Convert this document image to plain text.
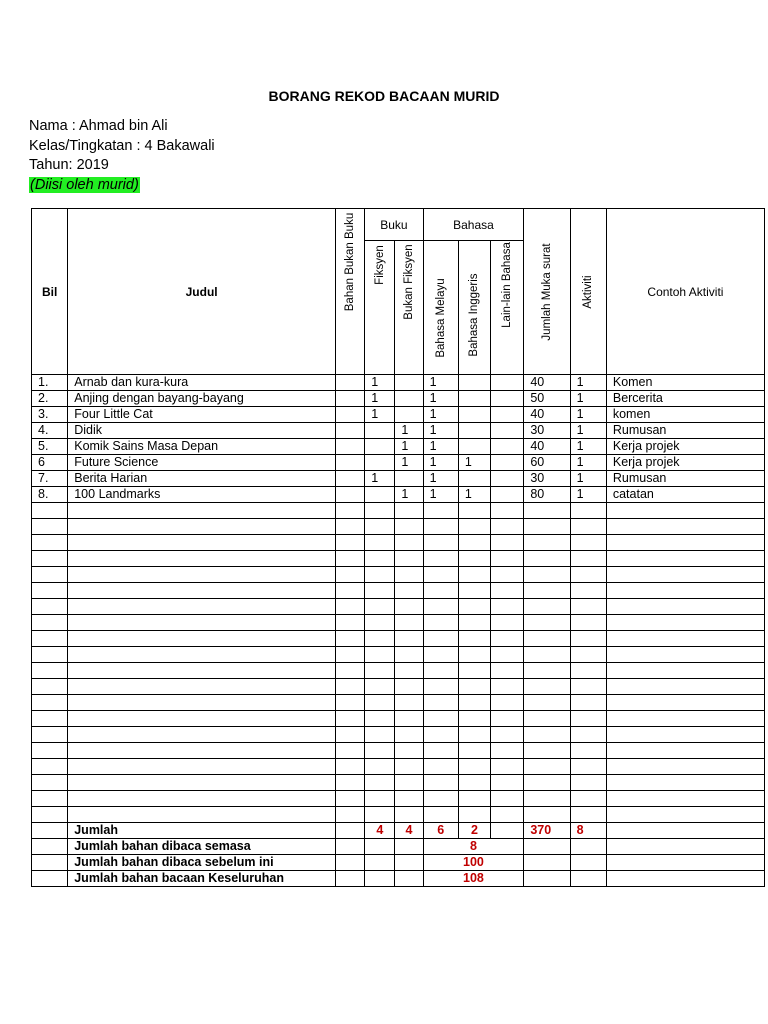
BORANG REKOD BACAAN MURID
Nama : Ahmad bin Ali
Kelas/Tingkatan : 4 Bakawali
Tahun: 2019
(Diisi oleh murid)
Bil	Judul	Bahan Bukan Buku	Buku		Bahasa			Jumlah Muka surat	Aktiviti	Contoh Aktiviti

			Fiksyen	Bukan Fiksyen	Bahasa Melayu	Bahasa Inggeris	Lain-lain Bahasa			

1.	Arnab dan kura-kura		1		1			40	1	Komen
2.	Anjing dengan bayang-bayang		1		1			50	1	Bercerita
3.	Four Little Cat		1		1			40	1	komen
4.	Didik			1	1			30	1	Rumusan
5.	Komik Sains Masa Depan			1	1			40	1	Kerja projek
6	Future Science			1	1	1		60	1	Kerja projek
7.	Berita Harian		1		1			30	1	Rumusan
8.	100 Landmarks			1	1	1		80	1	catatan

	Jumlah		4	4	6	2		370	8	
	Jumlah bahan dibaca semasa				8					
	Jumlah bahan dibaca sebelum ini				100					
	Jumlah bahan bacaan Keseluruhan				108					
